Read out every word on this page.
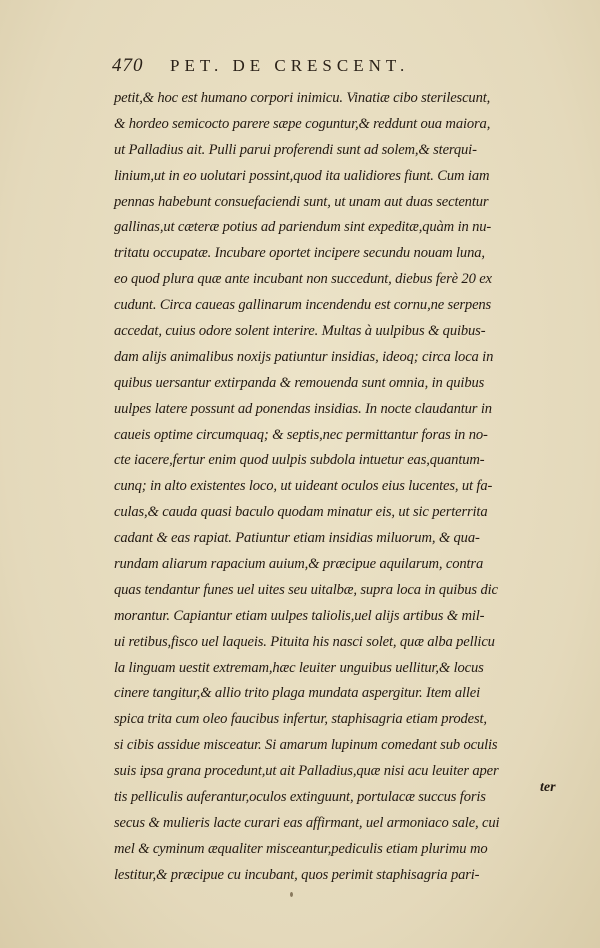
470 PET. DE CRESCENT.
petit,& hoc est humano corpori inimicu. Vinatiæ cibo sterilescunt,
& hordeo semicocto parere sæpe coguntur,& reddunt oua maiora,
ut Palladius ait. Pulli parui proferendi sunt ad solem,& sterqui-
linium,ut in eo uolutari possint,quod ita ualidiores fiunt. Cum iam
pennas habebunt consuefaciendi sunt, ut unam aut duas sectentur
gallinas,ut cæteræ potius ad pariendum sint expeditæ,quàm in nu-
tritatu occupatæ. Incubare oportet incipere secundu nouam luna,
eo quod plura quæ ante incubant non succedunt, diebus ferè 20 ex
cudunt. Circa caueas gallinarum incendendu est cornu,ne serpens
accedat, cuius odore solent interire. Multas à uulpibus & quibus-
dam alijs animalibus noxijs patiuntur insidias, ideoq; circa loca in
quibus uersantur extirpanda & remouenda sunt omnia, in quibus
uulpes latere possunt ad ponendas insidias. In nocte claudantur in
caueis optime circumquaq; & septis,nec permittantur foras in no-
cte iacere,fertur enim quod uulpis subdola intuetur eas,quantum-
cunq; in alto existentes loco, ut uideant oculos eius lucentes, ut fa-
culas,& cauda quasi baculo quodam minatur eis, ut sic perterrita
cadant & eas rapiat. Patiuntur etiam insidias miluorum, & qua-
rundam aliarum rapacium auium,& præcipue aquilarum, contra
quas tendantur funes uel uites seu uitalbæ, supra loca in quibus dic
morantur. Capiantur etiam uulpes taliolis,uel alijs artibus & mil-
ui retibus,fisco uel laqueis. Pituita his nasci solet, quæ alba pellicu
la linguam uestit extremam,hæc leuiter unguibus uellitur,& locus
cinere tangitur,& allio trito plaga mundata aspergitur. Item allei
spica trita cum oleo faucibus infertur, staphisagria etiam prodest,
si cibis assidue misceatur. Si amarum lupinum comedant sub oculis
suis ipsa grana procedunt,ut ait Palladius,quæ nisi acu leuiter aper
tis pelliculis auferantur,oculos extinguunt, portulacæ succus foris
secus & mulieris lacte curari eas affirmant, uel armoniaco sale, cui
mel & cyminum æqualiter misceantur,pediculis etiam plurimu mo
lestitur,& præcipue cu incubant, quos perimit staphisagria pari-
ter
